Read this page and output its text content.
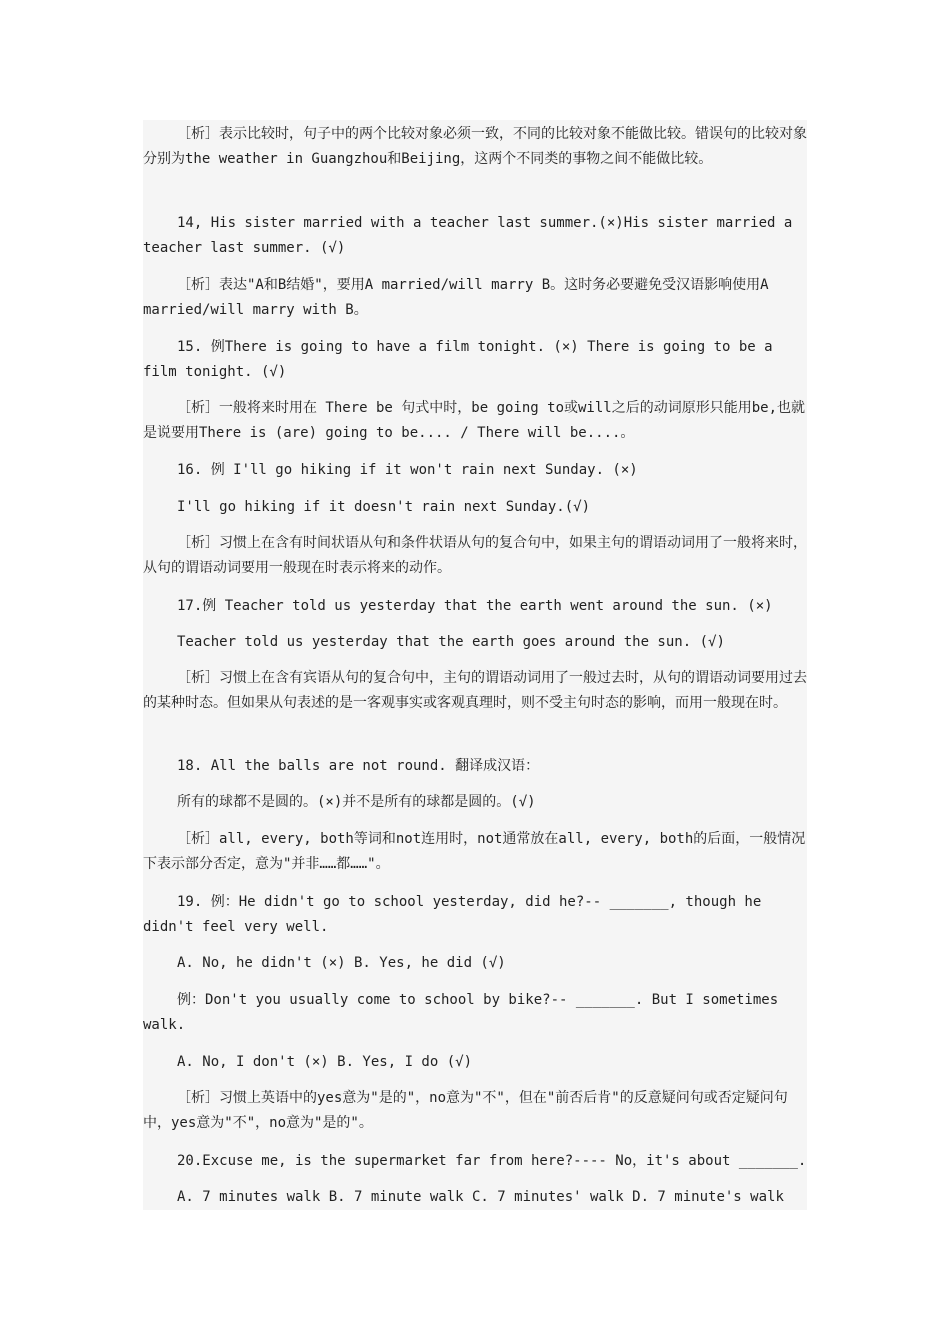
［析］表示比较时，句子中的两个比较对象必须一致，不同的比较对象不能做比较。错误句的比较对象分别为the weather in Guangzhou和Beijing，这两个不同类的事物之间不能做比较。

14, His sister married with a teacher last summer.(×)His sister married a teacher last summer. (√)

［析］表达"A和B结婚"，要用A married/will marry B。这时务必要避免受汉语影响使用A married/will marry with B。

15. 例There is going to have a film tonight. (×) There is going to be a film tonight. (√)

［析］一般将来时用在 There be 句式中时，be going to或will之后的动词原形只能用be,也就是说要用There is (are) going to be.... / There will be....。

16. 例 I'll go hiking if it won't rain next Sunday. (×)

I'll go hiking if it doesn't rain next Sunday.(√)

［析］习惯上在含有时间状语从句和条件状语从句的复合句中，如果主句的谓语动词用了一般将来时，从句的谓语动词要用一般现在时表示将来的动作。

17.例 Teacher told us yesterday that the earth went around the sun. (×)

Teacher told us yesterday that the earth goes around the sun. (√)

［析］习惯上在含有宾语从句的复合句中，主句的谓语动词用了一般过去时，从句的谓语动词要用过去的某种时态。但如果从句表述的是一客观事实或客观真理时，则不受主句时态的影响，而用一般现在时。

18. All the balls are not round. 翻译成汉语：

所有的球都不是圆的。(×)并不是所有的球都是圆的。(√)

［析］all, every, both等词和not连用时，not通常放在all, every, both的后面，一般情况下表示部分否定，意为"并非……都……"。

19. 例：He didn't go to school yesterday, did he?-- _______, though he didn't feel very well.

A. No, he didn't (×) B. Yes, he did (√)

例：Don't you usually come to school by bike?-- _______. But I sometimes walk.

A. No, I don't (×) B. Yes, I do (√)

［析］习惯上英语中的yes意为"是的"，no意为"不"，但在"前否后肯"的反意疑问句或否定疑问句中，yes意为"不"，no意为"是的"。

20.Excuse me, is the supermarket far from here?---- No，it's about _______.

A. 7 minutes walk B. 7 minute walk C. 7 minutes' walk D. 7 minute's walk
